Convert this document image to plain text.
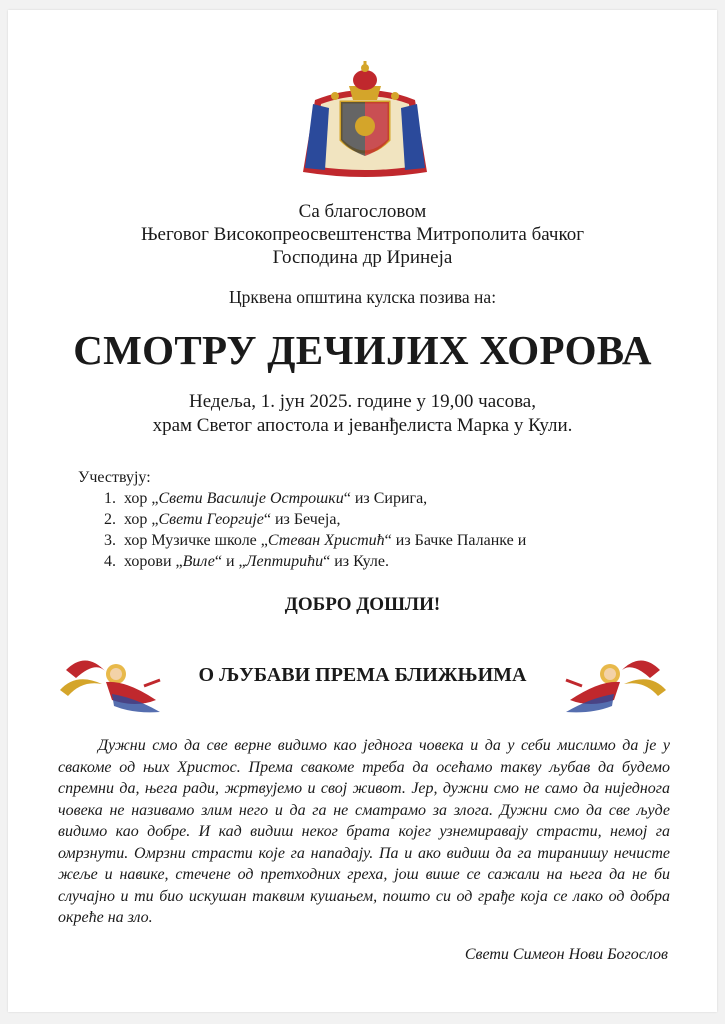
Са благословом
Његовог Високопреосвештенства Митрополита бачког
Господина др Иринеја
Црквена општина кулска позива на:
СМОТРУ ДЕЧИЈИХ ХОРОВА
Недеља, 1. јун 2025. године у 19,00 часова,
храм Светог апостола и јеванђелиста Марка у Кули.
Учествују:
1. хор „Свети Василије Острошки“ из Сирига,
2. хор „Свети Георгије“ из Бечеја,
3. хор Музичке школе „Стеван Христић“ из Бачке Паланке и
4. хорови „Виле“ и „Лептирићи“ из Куле.
ДОБРО ДОШЛИ!
О ЉУБАВИ ПРЕМА БЛИЖЊИМА

Дужни смо да све верне видимо као једнога човека и да у себи мислимо да је у свакоме од њих Христос. Према свакоме треба да осећамо такву љубав да будемо спремни да, њега ради, жртвујемо и свој живот. Јер, дужни смо не само да ниједнога човека не називамо злим него и да га не сматрамо за злога. Дужни смо да све људе видимо као добре. И кад видиш неког брата којег узнемиравају страсти, немој га омрзнути. Омрзни страсти које га нападају. Па и ако видиш да га тиранишу нечисте жеље и навике, стечене од претходних греха, још више се сажали на њега да не би случајно и ти био искушан таквим кушањем, пошто си од грађе која се лако од добра окреће на зло.

Свети Симеон Нови Богослов
